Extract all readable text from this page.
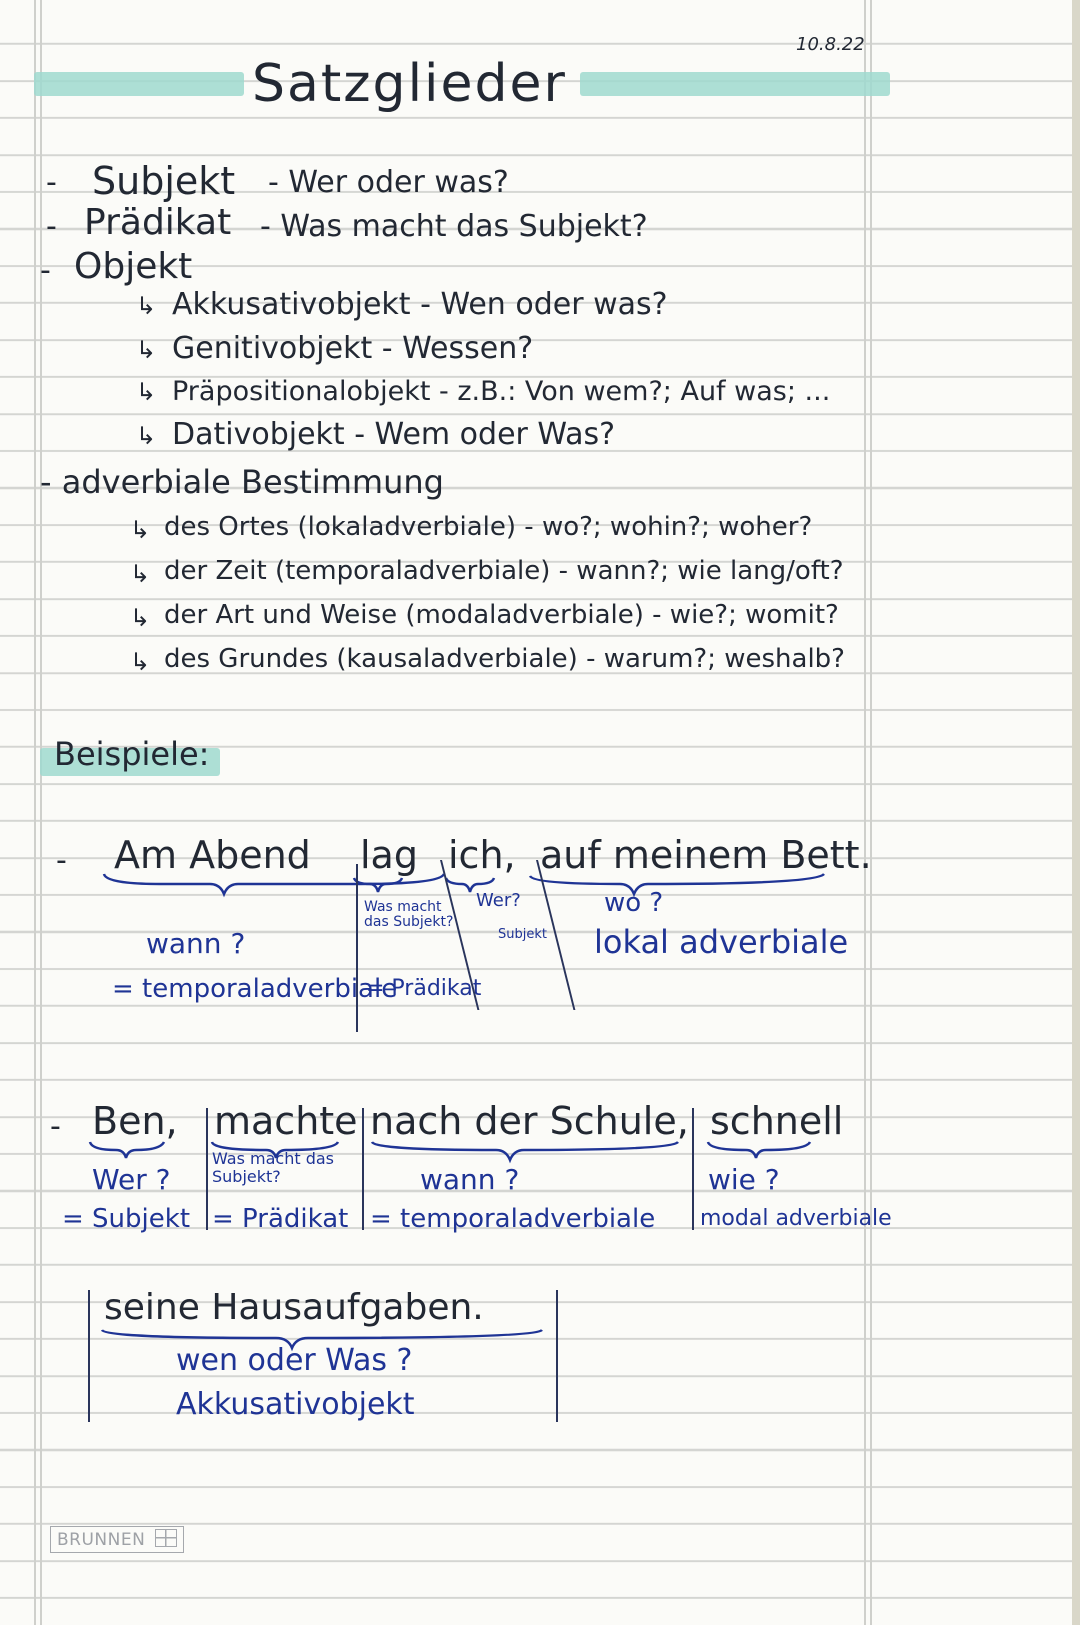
10.8.22
Satzglieder
- Subjekt - Wer oder was?
- Prädikat - Was macht das Subjekt?
- Objekt
↳ Akkusativobjekt - Wen oder was?
↳ Genitivobjekt - Wessen?
↳ Präpositionalobjekt - z.B.: Von wem?; Auf was; ...
↳ Dativobjekt - Wem oder Was?
- adverbiale Bestimmung
↳ des Ortes (lokaladverbiale) - wo?; wohin?; woher?
↳ der Zeit (temporaladverbiale) - wann?; wie lang/oft?
↳ der Art und Weise (modaladverbiale) - wie?; womit?
↳ des Grundes (kausaladverbiale) - warum?; weshalb?
Beispiele:
- Am Abend lag ich, auf meinem Bett.
wann ?
= temporaladverbiale
Was macht das Subjekt?
= Prädikat
Wer?
Subjekt
wo ?
lokal adverbiale
- Ben, machte nach der Schule, schnell
Wer ?
Was macht das Subjekt?	wann ?	wie ?
= Subjekt = Prädikat = temporaladverbiale modal adverbiale
seine Hausaufgaben.
wen oder Was ?
Akkusativobjekt
BRUNNEN
